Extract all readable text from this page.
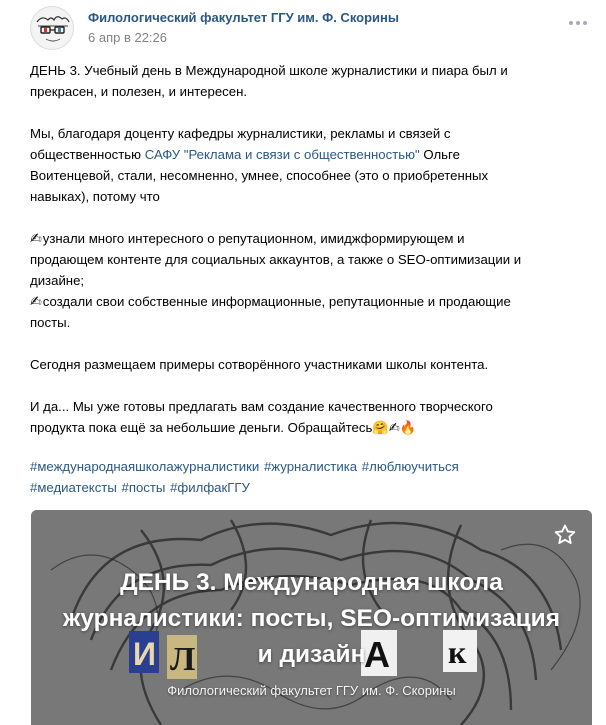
Филологический факультет ГГУ им. Ф. Скорины
6 апр в 22:26

ДЕНЬ 3. Учебный день в Международной школе журналистики и пиара был и

прекрасен, и полезен, и интересен.

Мы, благодаря доценту кафедры журналистики, рекламы и связей с

общественностью САФУ "Реклама и связи с общественностью" Ольге

Воитенцевой, стали, несомненно, умнее, способнее (это о приобретенных

навыках), потому что

✍узнали много интересного о репутационном, имиджформирующем и

продающем контенте для социальных аккаунтов, а также о SEO-оптимизации и

дизайне;

✍создали свои собственные информационные, репутационные и продающие

посты.

Сегодня размещаем примеры сотворённого участниками школы контента.

И да... Мы уже готовы предлагать вам создание качественного творческого

продукта пока ещё за небольшие деньги. Обращайтесь🤗✍🔥

#международнаяшколажурналистики #журналистика #люблюучиться

#медиатексты #посты #филфакГГУ

И Л	А к
ДЕНЬ 3. Международная школа
журналистики: посты, SEO-оптимизация
и дизайн
Филологический факультет ГГУ им. Ф. Скорины
